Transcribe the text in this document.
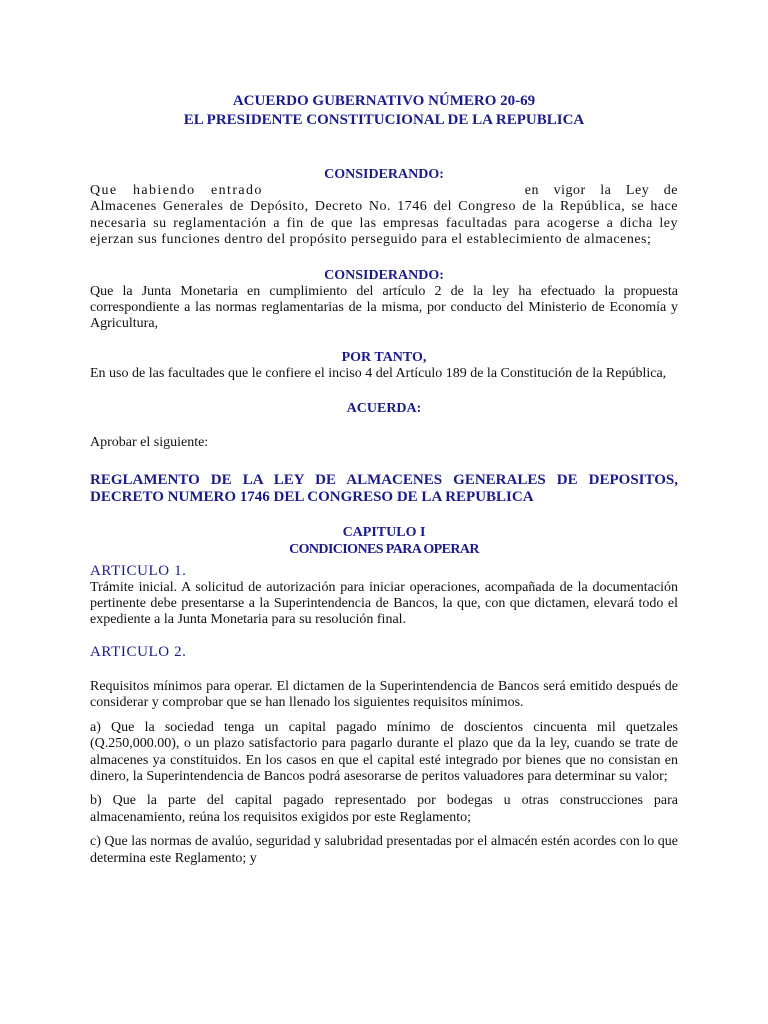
ACUERDO GUBERNATIVO NÚMERO 20-69
EL PRESIDENTE CONSTITUCIONAL DE LA REPUBLICA
CONSIDERANDO:
Que habiendo entrado	en vigor la Ley de Almacenes Generales de Depósito, Decreto No. 1746 del Congreso de la República, se hace necesaria su reglamentación a fin de que las empresas facultadas para acogerse a dicha ley ejerzan sus funciones dentro del propósito perseguido para el establecimiento de almacenes;
CONSIDERANDO:
Que la Junta Monetaria en cumplimiento del artículo 2 de la ley ha efectuado la propuesta correspondiente a las normas reglamentarias de la misma, por conducto del Ministerio de Economía y Agricultura,
POR TANTO,
En uso de las facultades que le confiere el inciso 4 del Artículo 189 de la Constitución de la República,
ACUERDA:
Aprobar el siguiente:
REGLAMENTO DE LA LEY DE ALMACENES GENERALES DE DEPOSITOS, DECRETO NUMERO 1746 DEL CONGRESO DE LA REPUBLICA
CAPITULO I
CONDICIONES PARA OPERAR
ARTICULO 1.
Trámite inicial. A solicitud de autorización para iniciar operaciones, acompañada de la documentación pertinente debe presentarse a la Superintendencia de Bancos, la que, con que dictamen, elevará todo el expediente a la Junta Monetaria para su resolución final.
ARTICULO 2.
Requisitos mínimos para operar. El dictamen de la Superintendencia de Bancos será emitido después de considerar y comprobar que se han llenado los siguientes requisitos mínimos.
a) Que la sociedad tenga un capital pagado mínimo de doscientos cincuenta mil quetzales (Q.250,000.00), o un plazo satisfactorio para pagarlo durante el plazo que da la ley, cuando se trate de almacenes ya constituidos. En los casos en que el capital esté integrado por bienes que no consistan en dinero, la Superintendencia de Bancos podrá asesorarse de peritos valuadores para determinar su valor;
b) Que la parte del capital pagado representado por bodegas u otras construcciones para almacenamiento, reúna los requisitos exigidos por este Reglamento;
c) Que las normas de avalúo, seguridad y salubridad presentadas por el almacén estén acordes con lo que determina este Reglamento; y
